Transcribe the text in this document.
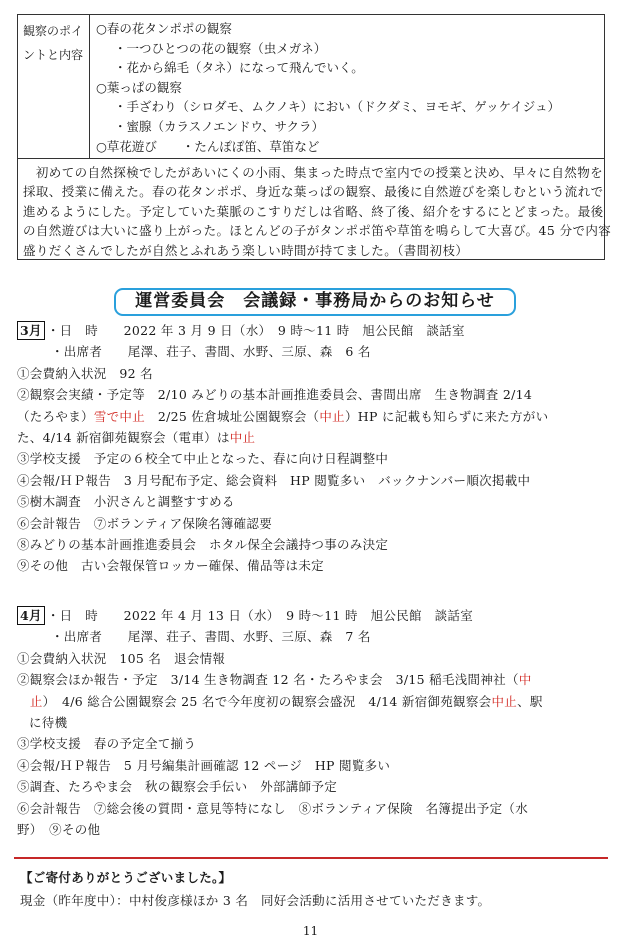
観察のポイントと内容
○春の花タンポポの観察
・一つひとつの花の観察（虫メガネ）
・花から綿毛（タネ）になって飛んでいく。
○葉っぱの観察
・手ざわり（シロダモ、ムクノキ）におい（ドクダミ、ヨモギ、ゲッケイジュ）
・蜜腺（カラスノエンドウ、サクラ）
○草花遊び　　・たんぽぽ笛、草笛など
　初めての自然探検でしたがあいにくの小雨、集まった時点で室内での授業と決め、早々に自然物を
採取、授業に備えた。春の花タンポポ、身近な葉っぱの観察、最後に自然遊びを楽しむという流れで
進めるようにした。予定していた葉脈のこすりだしは省略、終了後、紹介をするにとどまった。最後
の自然遊びは大いに盛り上がった。ほとんどの子がタンポポ笛や草笛を鳴らして大喜び。45 分で内容
盛りだくさんでしたが自然とふれあう楽しい時間が持てました。（書間初枝）
運営委員会　会議録・事務局からのお知らせ
3月 ・日　時　　2022 年 3 月 9 日（水）　9 時～11 時　旭公民館　談話室
・出席者　　尾澤、荘子、書間、水野、三原、森　6 名
①会費納入状況　92 名
②観察会実績・予定等　2/10 みどりの基本計画推進委員会、書間出席　生き物調査 2/14
（たろやま）雪で中止　2/25 佐倉城址公園観察会（中止）HP に記載も知らずに来た方がい
た、4/14 新宿御苑観察会（電車）は中止
③学校支援　予定の６校全て中止となった、春に向け日程調整中
④会報/ＨＰ報告　3 月号配布予定、総会資料　HP 閲覧多い　バックナンバー順次掲載中
⑤樹木調査　小沢さんと調整すすめる
⑥会計報告　⑦ボランティア保険名簿確認要
⑧みどりの基本計画推進委員会　ホタル保全会議持つ事のみ決定
⑨その他　古い会報保管ロッカー確保、備品等は未定
4月 ・日　時　　2022 年 4 月 13 日（水）　9 時～11 時　旭公民館　談話室
・出席者　　尾澤、荘子、書間、水野、三原、森　7 名
①会費納入状況　105 名　退会情報
②観察会ほか報告・予定　3/14 生き物調査 12 名・たろやま会　3/15 稲毛浅間神社（中
　止）　4/6 総合公園観察会 25 名で今年度初の観察会盛況　4/14 新宿御苑観察会中止、駅
に待機
③学校支援　春の予定全て揃う
④会報/ＨＰ報告　5 月号編集計画確認 12 ページ　HP 閲覧多い
⑤調査、たろやま会　秋の観察会手伝い　外部講師予定
⑥会計報告　⑦総会後の質問・意見等特になし　⑧ボランティア保険　名簿提出予定（水
野）　⑨その他
【ご寄付ありがとうございました。】
現金（昨年度中）：中村俊彦様ほか 3 名　同好会活動に活用させていただきます。
11
